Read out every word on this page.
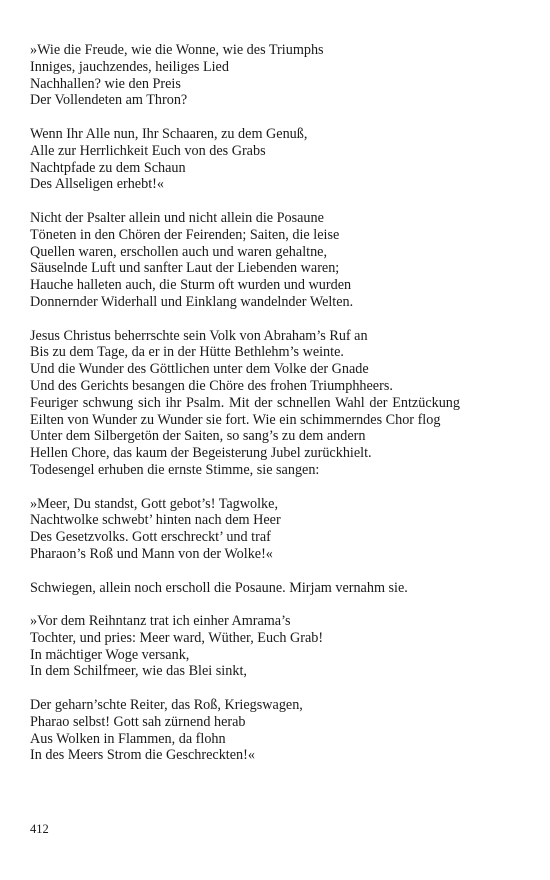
»Wie die Freude, wie die Wonne, wie des Triumphs
Inniges, jauchzendes, heiliges Lied
Nachhallen? wie den Preis
Der Vollendeten am Thron?
Wenn Ihr Alle nun, Ihr Schaaren, zu dem Genuß,
Alle zur Herrlichkeit Euch von des Grabs
Nachtpfade zu dem Schaun
Des Allseligen erhebt!«
Nicht der Psalter allein und nicht allein die Posaune
Töneten in den Chören der Feirenden; Saiten, die leise
Quellen waren, erschollen auch und waren gehaltne,
Säuselnde Luft und sanfter Laut der Liebenden waren;
Hauche halleten auch, die Sturm oft wurden und wurden
Donnernder Widerhall und Einklang wandelnder Welten.
Jesus Christus beherrschte sein Volk von Abraham’s Ruf an
Bis zu dem Tage, da er in der Hütte Bethlehm’s weinte.
Und die Wunder des Göttlichen unter dem Volke der Gnade
Und des Gerichts besangen die Chöre des frohen Triumphheers.
Feuriger schwung sich ihr Psalm. Mit der schnellen Wahl der Entzückung
Eilten von Wunder zu Wunder sie fort. Wie ein schimmerndes Chor flog
Unter dem Silbergetön der Saiten, so sang’s zu dem andern
Hellen Chore, das kaum der Begeisterung Jubel zurückhielt.
Todesengel erhuben die ernste Stimme, sie sangen:
»Meer, Du standst, Gott gebot’s! Tagwolke,
Nachtwolke schwebt’ hinten nach dem Heer
Des Gesetzvolks. Gott erschreckt’ und traf
Pharaon’s Roß und Mann von der Wolke!«
Schwiegen, allein noch erscholl die Posaune. Mirjam vernahm sie.
»Vor dem Reihntanz trat ich einher Amrama’s
Tochter, und pries: Meer ward, Wüther, Euch Grab!
In mächtiger Woge versank,
In dem Schilfmeer, wie das Blei sinkt,
Der geharn’schte Reiter, das Roß, Kriegswagen,
Pharao selbst! Gott sah zürnend herab
Aus Wolken in Flammen, da flohn
In des Meers Strom die Geschreckten!«
412
